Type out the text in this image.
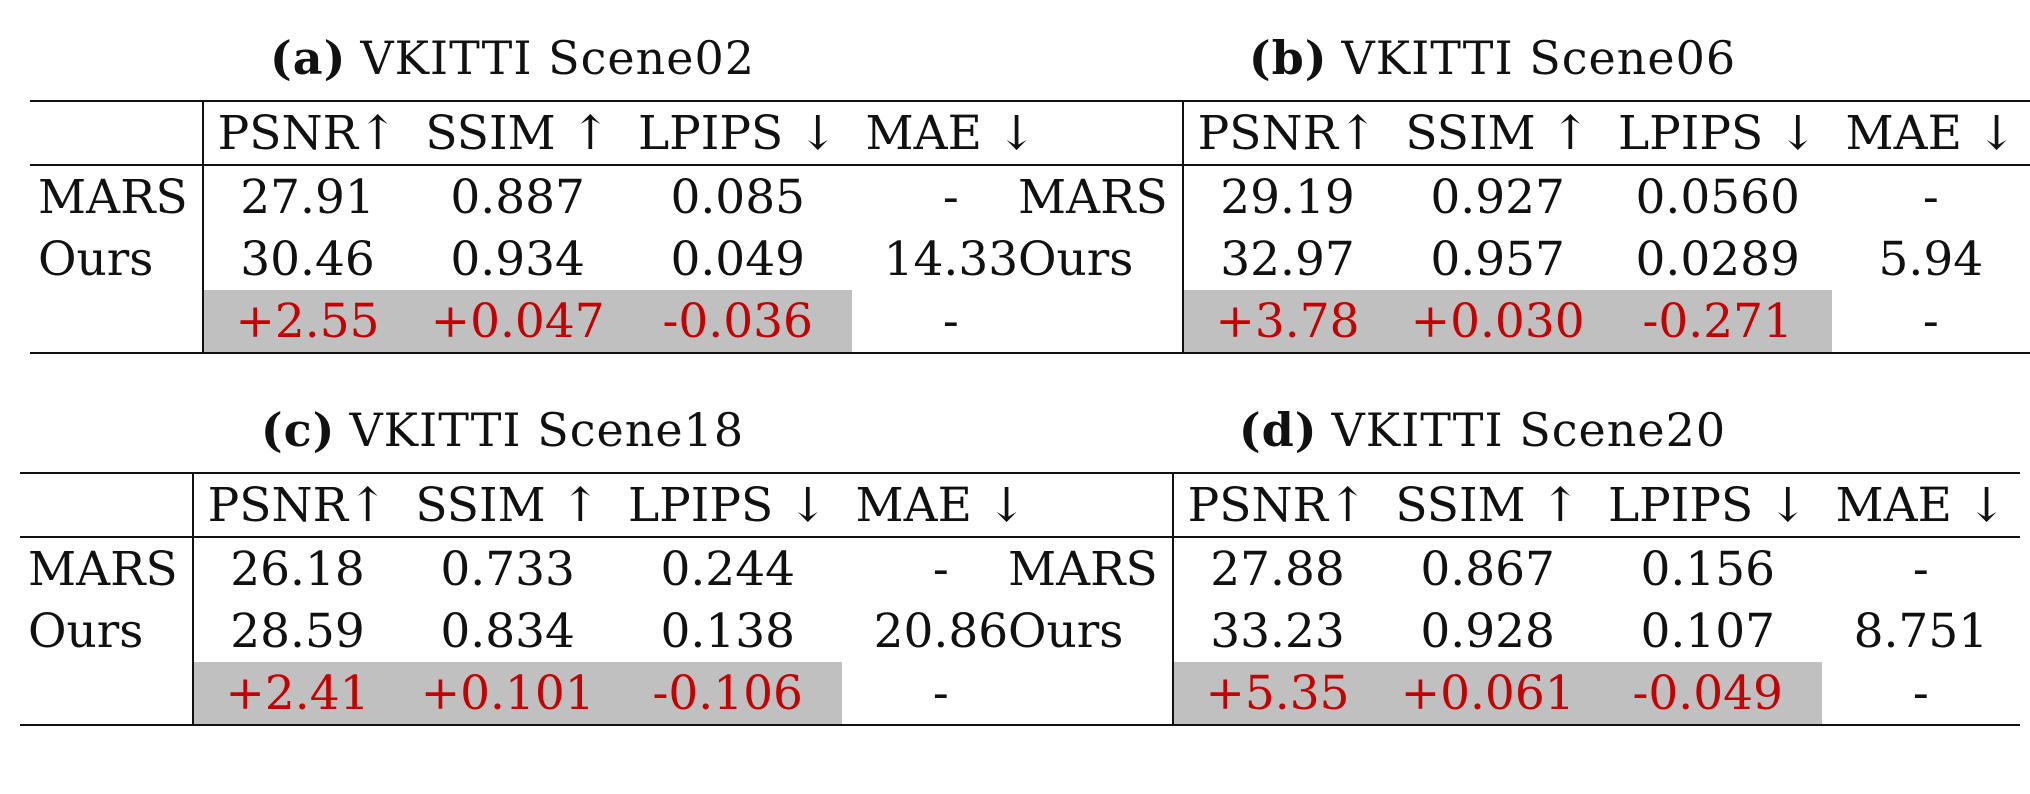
(a) VKITTI Scene02
	PSNR↑	SSIM ↑	LPIPS ↓	MAE ↓
MARS	27.91	0.887	0.085	-
Ours	30.46	0.934	0.049	14.33
	+2.55	+0.047	-0.036	-
(b) VKITTI Scene06
	PSNR↑	SSIM ↑	LPIPS ↓	MAE ↓
MARS	29.19	0.927	0.0560	-
Ours	32.97	0.957	0.0289	5.94
	+3.78	+0.030	-0.271	-
(c) VKITTI Scene18
	PSNR↑	SSIM ↑	LPIPS ↓	MAE ↓
MARS	26.18	0.733	0.244	-
Ours	28.59	0.834	0.138	20.86
	+2.41	+0.101	-0.106	-
(d) VKITTI Scene20
	PSNR↑	SSIM ↑	LPIPS ↓	MAE ↓
MARS	27.88	0.867	0.156	-
Ours	33.23	0.928	0.107	8.751
	+5.35	+0.061	-0.049	-
